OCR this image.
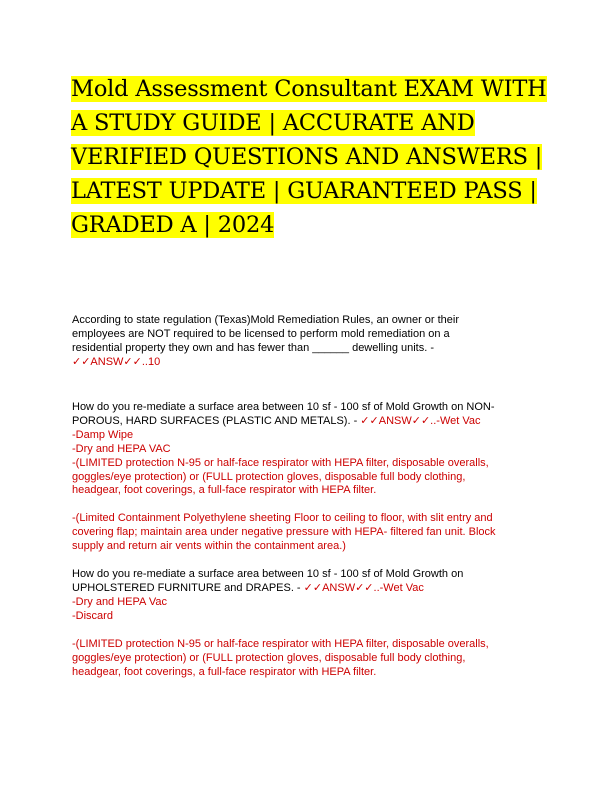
Mold Assessment Consultant EXAM WITH
A STUDY GUIDE | ACCURATE AND
VERIFIED QUESTIONS AND ANSWERS |
LATEST UPDATE | GUARANTEED PASS |
GRADED A | 2024
According to state regulation (Texas)Mold Remediation Rules, an owner or their
employees are NOT required to be licensed to perform mold remediation on a
residential property they own and has fewer than ______ dewelling units. -
✓✓ANSW✓✓..10
How do you re-mediate a surface area between 10 sf - 100 sf of Mold Growth on NON-
POROUS, HARD SURFACES (PLASTIC AND METALS). - ✓✓ANSW✓✓..-Wet Vac
-Damp Wipe
-Dry and HEPA VAC
-(LIMITED protection N-95 or half-face respirator with HEPA filter, disposable overalls,
goggles/eye protection) or (FULL protection gloves, disposable full body clothing,
headgear, foot coverings, a full-face respirator with HEPA filter.
-(Limited Containment Polyethylene sheeting Floor to ceiling to floor, with slit entry and
covering flap; maintain area under negative pressure with HEPA- filtered fan unit. Block
supply and return air vents within the containment area.)
How do you re-mediate a surface area between 10 sf - 100 sf of Mold Growth on
UPHOLSTERED FURNITURE and DRAPES. - ✓✓ANSW✓✓..-Wet Vac
-Dry and HEPA Vac
-Discard
-(LIMITED protection N-95 or half-face respirator with HEPA filter, disposable overalls,
goggles/eye protection) or (FULL protection gloves, disposable full body clothing,
headgear, foot coverings, a full-face respirator with HEPA filter.
